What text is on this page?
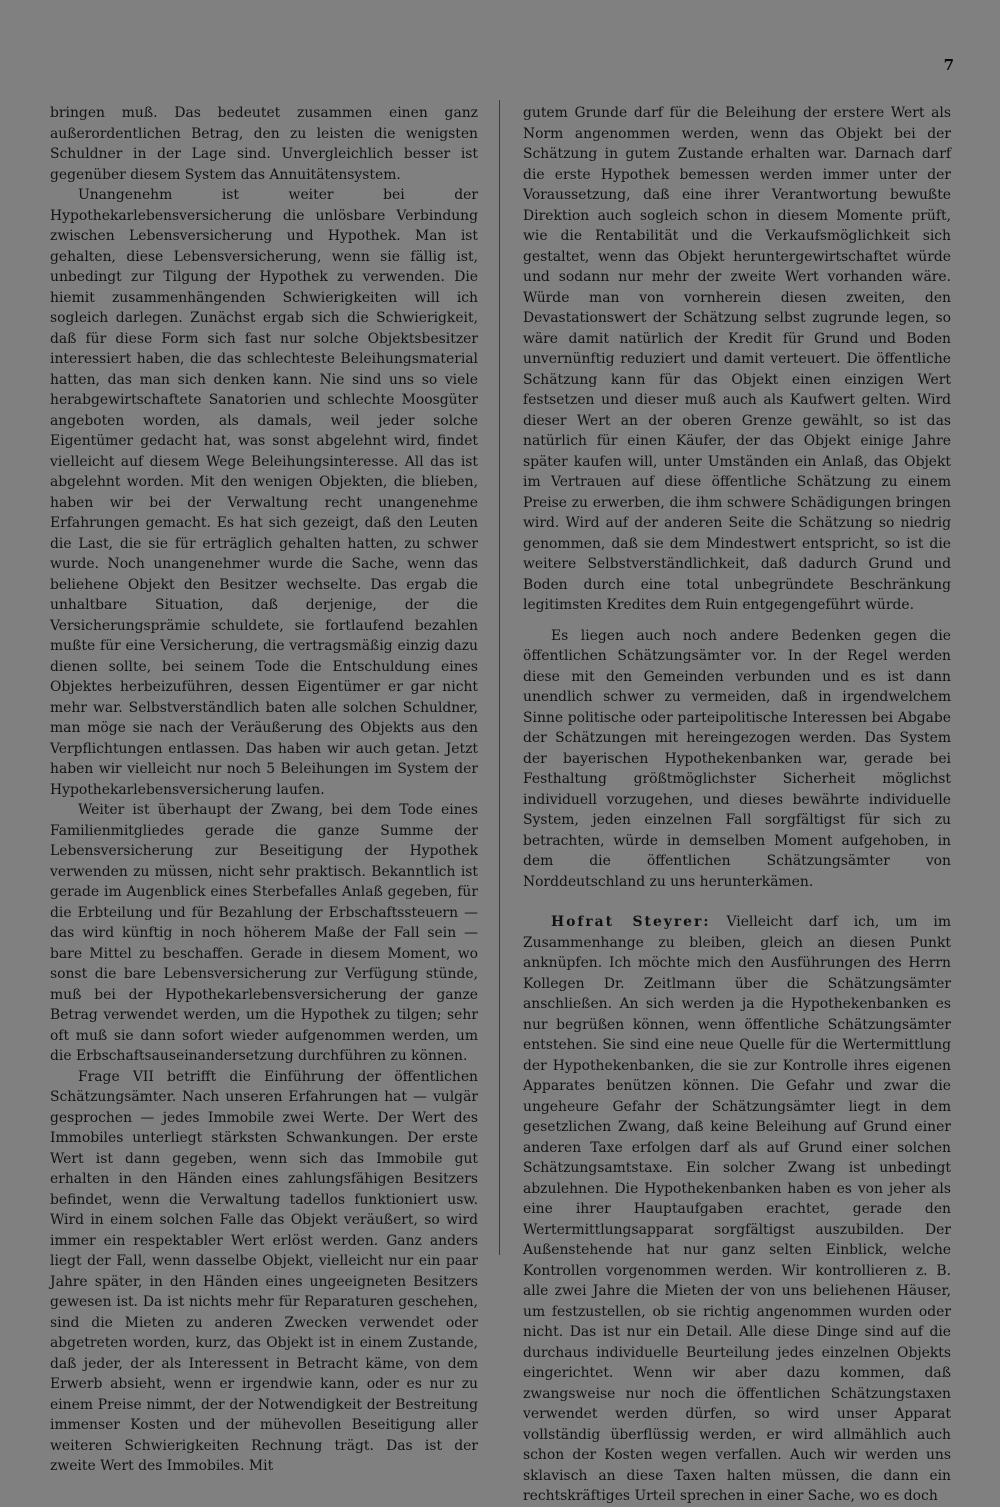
7

bringen muß. Das bedeutet zusammen einen ganz außerordentlichen Betrag, den zu leisten die wenigsten Schuldner in der Lage sind. Unvergleichlich besser ist gegenüber diesem System das Annuitätensystem.

Unangenehm ist weiter bei der Hypothekarlebensversicherung die unlösbare Verbindung zwischen Lebensversicherung und Hypothek. Man ist gehalten, diese Lebensversicherung, wenn sie fällig ist, unbedingt zur Tilgung der Hypothek zu verwenden. Die hiemit zusammenhängenden Schwierigkeiten will ich sogleich darlegen. Zunächst ergab sich die Schwierigkeit, daß für diese Form sich fast nur solche Objektsbesitzer interessiert haben, die das schlechteste Beleihungsmaterial hatten, das man sich denken kann. Nie sind uns so viele herabgewirtschaftete Sanatorien und schlechte Moosgüter angeboten worden, als damals, weil jeder solche Eigentümer gedacht hat, was sonst abgelehnt wird, findet vielleicht auf diesem Wege Beleihungsinteresse. All das ist abgelehnt worden. Mit den wenigen Objekten, die blieben, haben wir bei der Verwaltung recht unangenehme Erfahrungen gemacht. Es hat sich gezeigt, daß den Leuten die Last, die sie für erträglich gehalten hatten, zu schwer wurde. Noch unangenehmer wurde die Sache, wenn das beliehene Objekt den Besitzer wechselte. Das ergab die unhaltbare Situation, daß derjenige, der die Versicherungsprämie schuldete, sie fortlaufend bezahlen mußte für eine Versicherung, die vertragsmäßig einzig dazu dienen sollte, bei seinem Tode die Entschuldung eines Objektes herbeizuführen, dessen Eigentümer er gar nicht mehr war. Selbstverständlich baten alle solchen Schuldner, man möge sie nach der Veräußerung des Objekts aus den Verpflichtungen entlassen. Das haben wir auch getan. Jetzt haben wir vielleicht nur noch 5 Beleihungen im System der Hypothekarlebensversicherung laufen.

Weiter ist überhaupt der Zwang, bei dem Tode eines Familienmitgliedes gerade die ganze Summe der Lebensversicherung zur Beseitigung der Hypothek verwenden zu müssen, nicht sehr praktisch. Bekanntlich ist gerade im Augenblick eines Sterbefalles Anlaß gegeben, für die Erbteilung und für Bezahlung der Erbschaftssteuern — das wird künftig in noch höherem Maße der Fall sein — bare Mittel zu beschaffen. Gerade in diesem Moment, wo sonst die bare Lebensversicherung zur Verfügung stünde, muß bei der Hypothekarlebensversicherung der ganze Betrag verwendet werden, um die Hypothek zu tilgen; sehr oft muß sie dann sofort wieder aufgenommen werden, um die Erbschaftsauseinandersetzung durchführen zu können.

Frage VII betrifft die Einführung der öffentlichen Schätzungsämter. Nach unseren Erfahrungen hat — vulgär gesprochen — jedes Immobile zwei Werte. Der Wert des Immobiles unterliegt stärksten Schwankungen. Der erste Wert ist dann gegeben, wenn sich das Immobile gut erhalten in den Händen eines zahlungsfähigen Besitzers befindet, wenn die Verwaltung tadellos funktioniert usw. Wird in einem solchen Falle das Objekt veräußert, so wird immer ein respektabler Wert erlöst werden. Ganz anders liegt der Fall, wenn dasselbe Objekt, vielleicht nur ein paar Jahre später, in den Händen eines ungeeigneten Besitzers gewesen ist. Da ist nichts mehr für Reparaturen geschehen, sind die Mieten zu anderen Zwecken verwendet oder abgetreten worden, kurz, das Objekt ist in einem Zustande, daß jeder, der als Interessent in Betracht käme, von dem Erwerb absieht, wenn er irgendwie kann, oder es nur zu einem Preise nimmt, der der Notwendigkeit der Bestreitung immenser Kosten und der mühevollen Beseitigung aller weiteren Schwierigkeiten Rechnung trägt. Das ist der zweite Wert des Immobiles. Mit

gutem Grunde darf für die Beleihung der erstere Wert als Norm angenommen werden, wenn das Objekt bei der Schätzung in gutem Zustande erhalten war. Darnach darf die erste Hypothek bemessen werden immer unter der Voraussetzung, daß eine ihrer Verantwortung bewußte Direktion auch sogleich schon in diesem Momente prüft, wie die Rentabilität und die Verkaufsmöglichkeit sich gestaltet, wenn das Objekt heruntergewirtschaftet würde und sodann nur mehr der zweite Wert vorhanden wäre. Würde man von vornherein diesen zweiten, den Devastationswert der Schätzung selbst zugrunde legen, so wäre damit natürlich der Kredit für Grund und Boden unvernünftig reduziert und damit verteuert. Die öffentliche Schätzung kann für das Objekt einen einzigen Wert festsetzen und dieser muß auch als Kaufwert gelten. Wird dieser Wert an der oberen Grenze gewählt, so ist das natürlich für einen Käufer, der das Objekt einige Jahre später kaufen will, unter Umständen ein Anlaß, das Objekt im Vertrauen auf diese öffentliche Schätzung zu einem Preise zu erwerben, die ihm schwere Schädigungen bringen wird. Wird auf der anderen Seite die Schätzung so niedrig genommen, daß sie dem Mindestwert entspricht, so ist die weitere Selbstverständlichkeit, daß dadurch Grund und Boden durch eine total unbegründete Beschränkung legitimsten Kredites dem Ruin entgegengeführt würde.

Es liegen auch noch andere Bedenken gegen die öffentlichen Schätzungsämter vor. In der Regel werden diese mit den Gemeinden verbunden und es ist dann unendlich schwer zu vermeiden, daß in irgendwelchem Sinne politische oder parteipolitische Interessen bei Abgabe der Schätzungen mit hereingezogen werden. Das System der bayerischen Hypothekenbanken war, gerade bei Festhaltung größtmöglichster Sicherheit möglichst individuell vorzugehen, und dieses bewährte individuelle System, jeden einzelnen Fall sorgfältigst für sich zu betrachten, würde in demselben Moment aufgehoben, in dem die öffentlichen Schätzungsämter von Norddeutschland zu uns herunterkämen.

Hofrat Steyrer: Vielleicht darf ich, um im Zusammenhange zu bleiben, gleich an diesen Punkt anknüpfen. Ich möchte mich den Ausführungen des Herrn Kollegen Dr. Zeitlmann über die Schätzungsämter anschließen. An sich werden ja die Hypothekenbanken es nur begrüßen können, wenn öffentliche Schätzungsämter entstehen. Sie sind eine neue Quelle für die Wertermittlung der Hypothekenbanken, die sie zur Kontrolle ihres eigenen Apparates benützen können. Die Gefahr und zwar die ungeheure Gefahr der Schätzungsämter liegt in dem gesetzlichen Zwang, daß keine Beleihung auf Grund einer anderen Taxe erfolgen darf als auf Grund einer solchen Schätzungsamtstaxe. Ein solcher Zwang ist unbedingt abzulehnen. Die Hypothekenbanken haben es von jeher als eine ihrer Hauptaufgaben erachtet, gerade den Wertermittlungsapparat sorgfältigst auszubilden. Der Außenstehende hat nur ganz selten Einblick, welche Kontrollen vorgenommen werden. Wir kontrollieren z. B. alle zwei Jahre die Mieten der von uns beliehenen Häuser, um festzustellen, ob sie richtig angenommen wurden oder nicht. Das ist nur ein Detail. Alle diese Dinge sind auf die durchaus individuelle Beurteilung jedes einzelnen Objekts eingerichtet. Wenn wir aber dazu kommen, daß zwangsweise nur noch die öffentlichen Schätzungstaxen verwendet werden dürfen, so wird unser Apparat vollständig überflüssig werden, er wird allmählich auch schon der Kosten wegen verfallen. Auch wir werden uns sklavisch an diese Taxen halten müssen, die dann ein rechtskräftiges Urteil sprechen in einer Sache, wo es doch
